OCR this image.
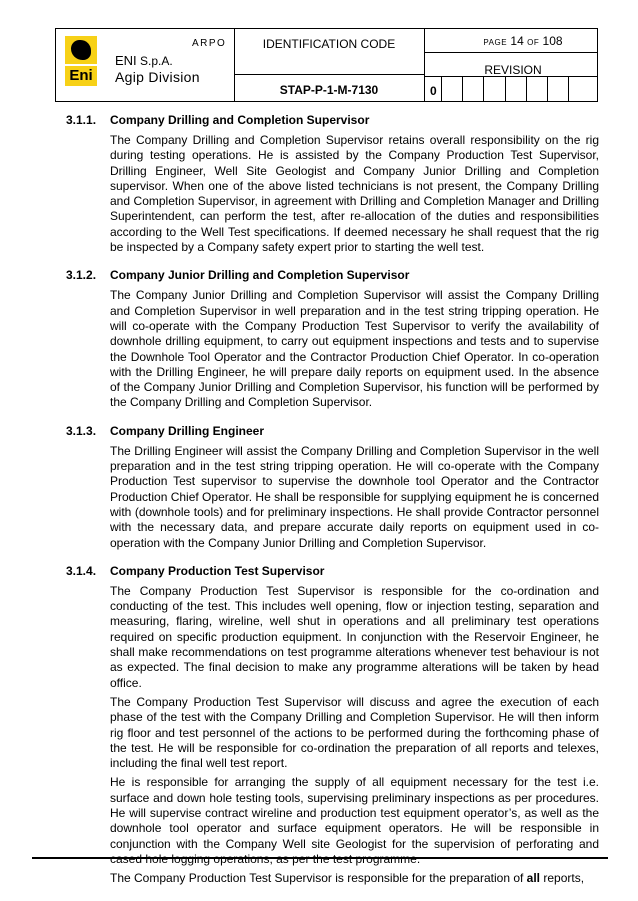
Eni
ARPO
ENI S.p.A.
Agip Division
IDENTIFICATION CODE
STAP-P-1-M-7130
PAGE 14 OF 108
REVISION
0
3.1.1. Company Drilling and Completion Supervisor

The Company Drilling and Completion Supervisor retains overall responsibility on the rig during testing operations. He is assisted by the Company Production Test Supervisor, Drilling Engineer, Well Site Geologist and Company Junior Drilling and Completion supervisor. When one of the above listed technicians is not present, the Company Drilling and Completion Supervisor, in agreement with Drilling and Completion Manager and Drilling Superintendent, can perform the test, after re-allocation of the duties and responsibilities according to the Well Test specifications. If deemed necessary he shall request that the rig be inspected by a Company safety expert prior to starting the well test.

3.1.2. Company Junior Drilling and Completion Supervisor

The Company Junior Drilling and Completion Supervisor will assist the Company Drilling and Completion Supervisor in well preparation and in the test string tripping operation. He will co-operate with the Company Production Test Supervisor to verify the availability of downhole drilling equipment, to carry out equipment inspections and tests and to supervise the Downhole Tool Operator and the Contractor Production Chief Operator. In co-operation with the Drilling Engineer, he will prepare daily reports on equipment used. In the absence of the Company Junior Drilling and Completion Supervisor, his function will be performed by the Company Drilling and Completion Supervisor.

3.1.3. Company Drilling Engineer

The Drilling Engineer will assist the Company Drilling and Completion Supervisor in the well preparation and in the test string tripping operation. He will co-operate with the Company Production Test supervisor to supervise the downhole tool Operator and the Contractor Production Chief Operator. He shall be responsible for supplying equipment he is concerned with (downhole tools) and for preliminary inspections. He shall provide Contractor personnel with the necessary data, and prepare accurate daily reports on equipment used in co-operation with the Company Junior Drilling and Completion Supervisor.

3.1.4. Company Production Test Supervisor

The Company Production Test Supervisor is responsible for the co-ordination and conducting of the test. This includes well opening, flow or injection testing, separation and measuring, flaring, wireline, well shut in operations and all preliminary test operations required on specific production equipment. In conjunction with the Reservoir Engineer, he shall make recommendations on test programme alterations whenever test behaviour is not as expected. The final decision to make any programme alterations will be taken by head office.

The Company Production Test Supervisor will discuss and agree the execution of each phase of the test with the Company Drilling and Completion Supervisor. He will then inform rig floor and test personnel of the actions to be performed during the forthcoming phase of the test. He will be responsible for co-ordination the preparation of all reports and telexes, including the final well test report.

He is responsible for arranging the supply of all equipment necessary for the test i.e. surface and down hole testing tools, supervising preliminary inspections as per procedures. He will supervise contract wireline and production test equipment operator’s, as well as the downhole tool operator and surface equipment operators. He will be responsible in conjunction with the Company Well site Geologist for the supervision of perforating and cased hole logging operations, as per the test programme.

The Company Production Test Supervisor is responsible for the preparation of all reports,
